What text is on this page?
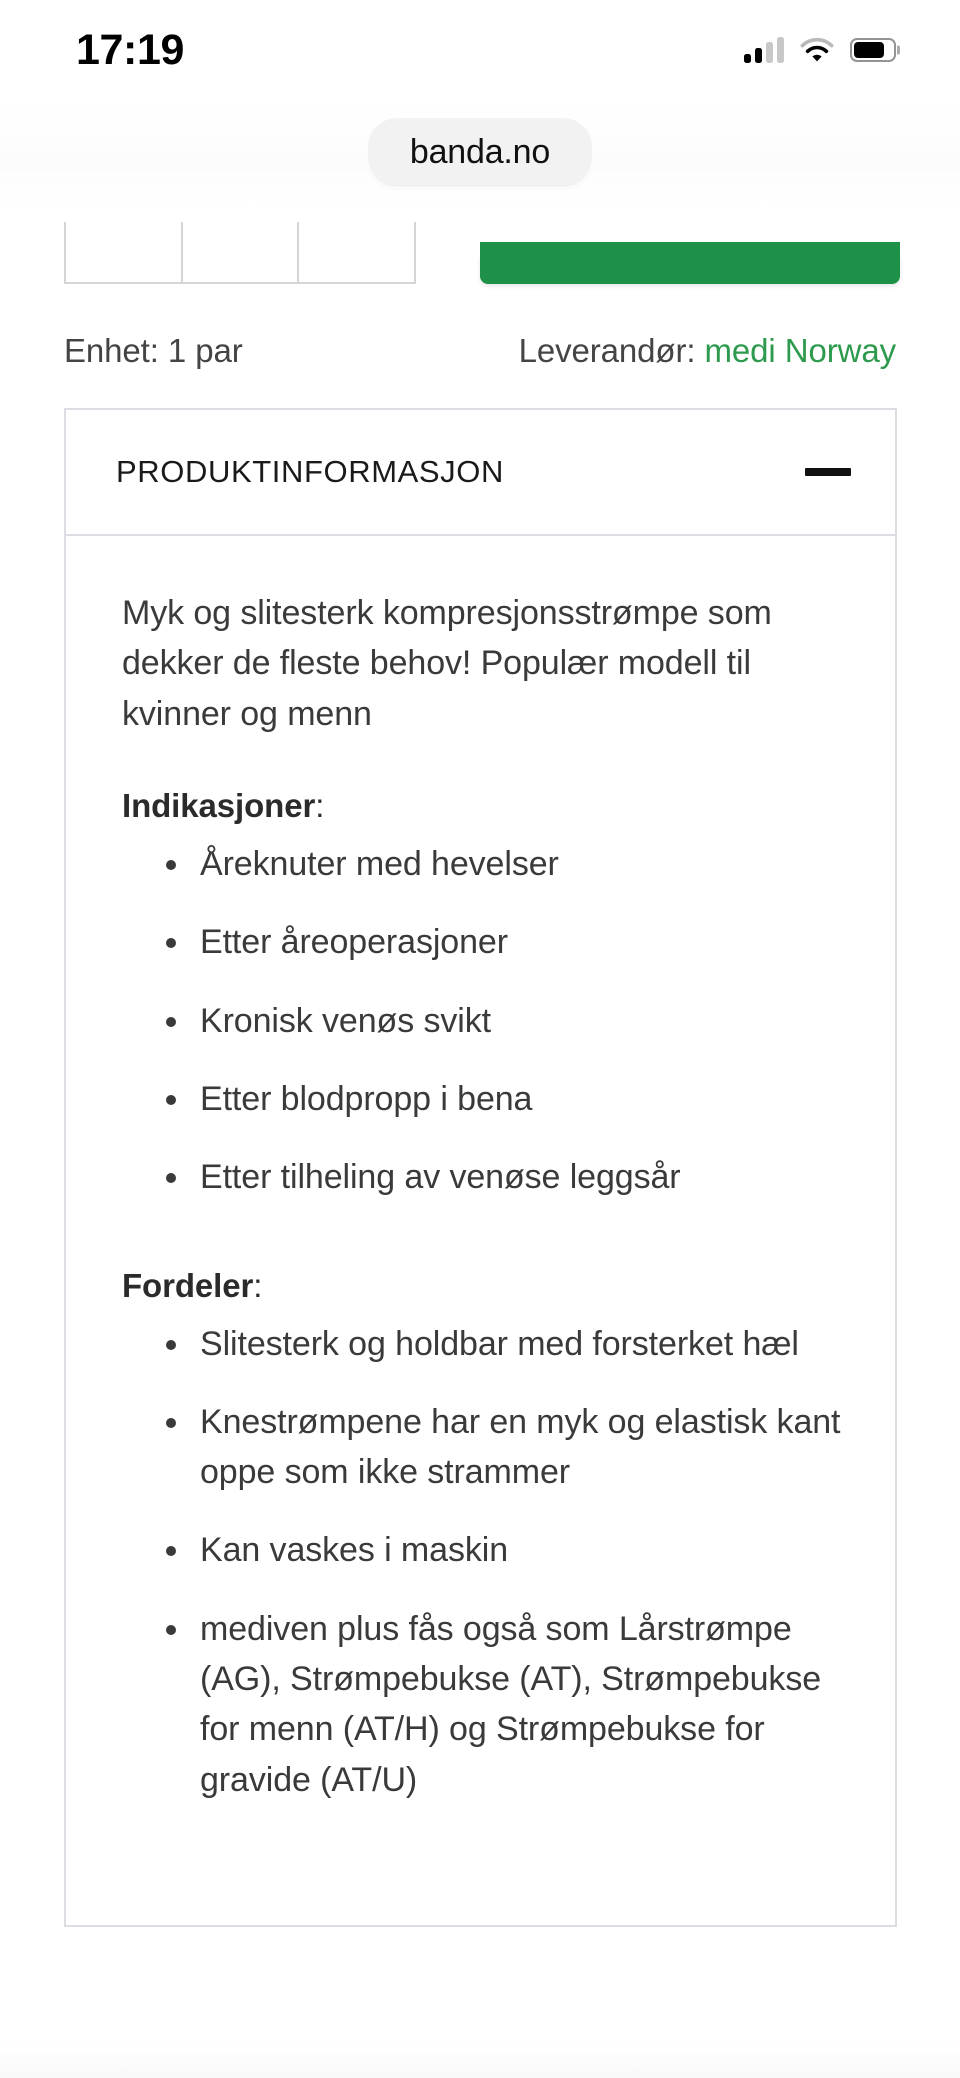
Enhet: 1 par	Leverandør: medi Norway
PRODUKTINFORMASJON

Myk og slitesterk kompresjonsstrømpe som dekker de fleste behov! Populær modell til kvinner og menn

Indikasjoner:
Åreknuter med hevelser
Etter åreoperasjoner
Kronisk venøs svikt
Etter blodpropp i bena
Etter tilheling av venøse leggsår
Fordeler:
Slitesterk og holdbar med forsterket hæl
Knestrømpene har en myk og elastisk kant oppe som ikke strammer
Kan vaskes i maskin
mediven plus fås også som Lårstrømpe (AG), Strømpebukse (AT), Strømpebukse for menn (AT/H) og Strømpebukse for gravide (AT/U)
17:19
banda.no
